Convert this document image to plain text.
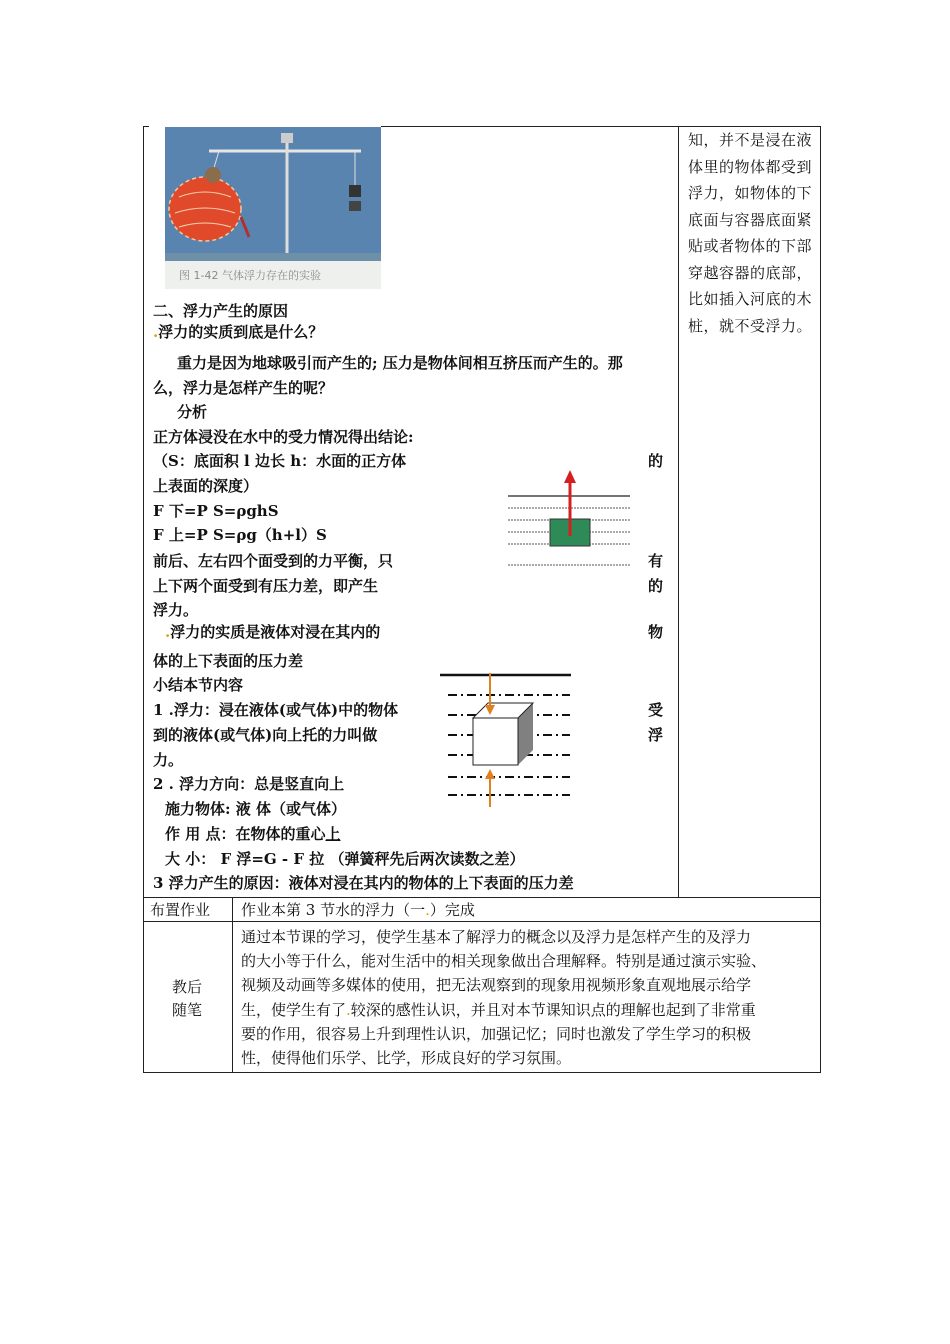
图 1-42 气体浮力存在的实验
知，并不是浸在液体里的物体都受到浮力，如物体的下底面与容器底面紧贴或者物体的下部穿越容器的底部，比如插入河底的木桩，就不受浮力。
二、浮力产生的原因
.浮力的实质到底是什么？
重力是因为地球吸引而产生的; 压力是物体间相互挤压而产生的。那
么，浮力是怎样产生的呢？
分析
正方体浸没在水中的受力情况得出结论:
（S：底面积 l 边长 h：水面的正方体	的
上表面的深度）
F 下=P S=ρghS
F 上=P S=ρg（h+l）S
前后、左右四个面受到的力平衡，只	有
上下两个面受到有压力差，即产生	的
浮力。
.浮力的实质是液体对浸在其内的	物
体的上下表面的压力差
小结本节内容
1 .浮力：浸在液体(或气体)中的物体	受
到的液体(或气体)向上托的力叫做	浮
力。
2 . 浮力方向：总是竖直向上
施力物体: 液 体（或气体）
作 用 点：在物体的重心上
大 小： F 浮=G - F 拉 （弹簧秤先后两次读数之差）
3 浮力产生的原因：液体对浸在其内的物体的上下表面的压力差
布置作业 作业本第 3 节水的浮力（一.）完成
教后
随笔
通过本节课的学习，使学生基本了解浮力的概念以及浮力是怎样产生的及浮力
的大小等于什么，能对生活中的相关现象做出合理解释。特别是通过演示实验、
视频及动画等多媒体的使用，把无法观察到的现象用视频形象直观地展示给学
生，使学生有了.较深的感性认识，并且对本节课知识点的理解也起到了非常重
要的作用，很容易上升到理性认识，加强记忆；同时也激发了学生学习的积极
性，使得他们乐学、比学，形成良好的学习氛围。
